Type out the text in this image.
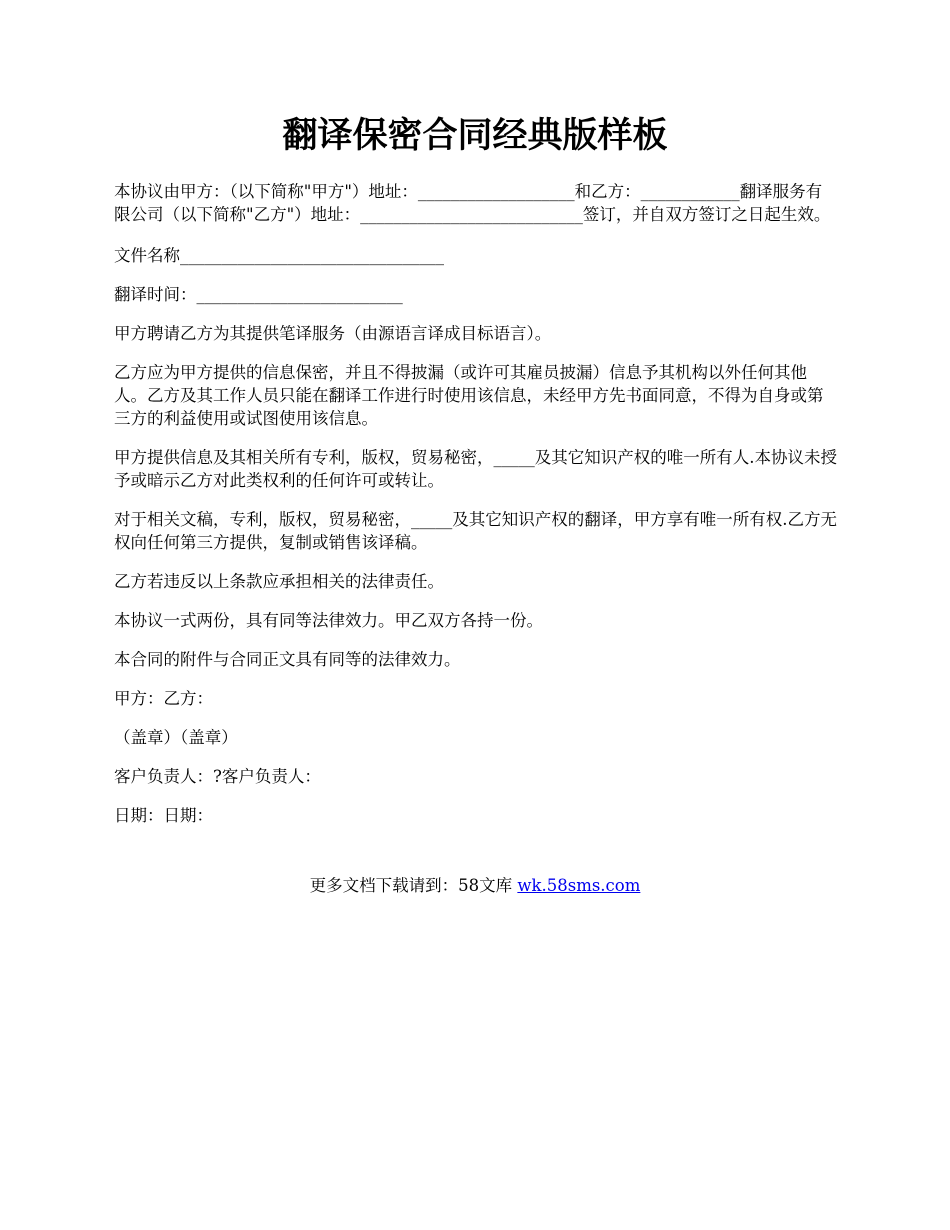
翻译保密合同经典版样板

本协议由甲方：（以下简称"甲方"）地址：___________________和乙方：____________翻译服务有限公司（以下简称"乙方"）地址：___________________________签订，并自双方签订之日起生效。

文件名称________________________________

翻译时间：_________________________

甲方聘请乙方为其提供笔译服务（由源语言译成目标语言）。

乙方应为甲方提供的信息保密，并且不得披漏（或许可其雇员披漏）信息予其机构以外任何其他人。乙方及其工作人员只能在翻译工作进行时使用该信息，未经甲方先书面同意，不得为自身或第三方的利益使用或试图使用该信息。

甲方提供信息及其相关所有专利，版权，贸易秘密，_____及其它知识产权的唯一所有人.本协议未授予或暗示乙方对此类权利的任何许可或转让。

对于相关文稿，专利，版权，贸易秘密，_____及其它知识产权的翻译，甲方享有唯一所有权.乙方无权向任何第三方提供，复制或销售该译稿。

乙方若违反以上条款应承担相关的法律责任。

本协议一式两份，具有同等法律效力。甲乙双方各持一份。

本合同的附件与合同正文具有同等的法律效力。

甲方：乙方：

（盖章）（盖章）

客户负责人：?客户负责人：

日期：日期：

更多文档下载请到：58文库 wk.58sms.com
